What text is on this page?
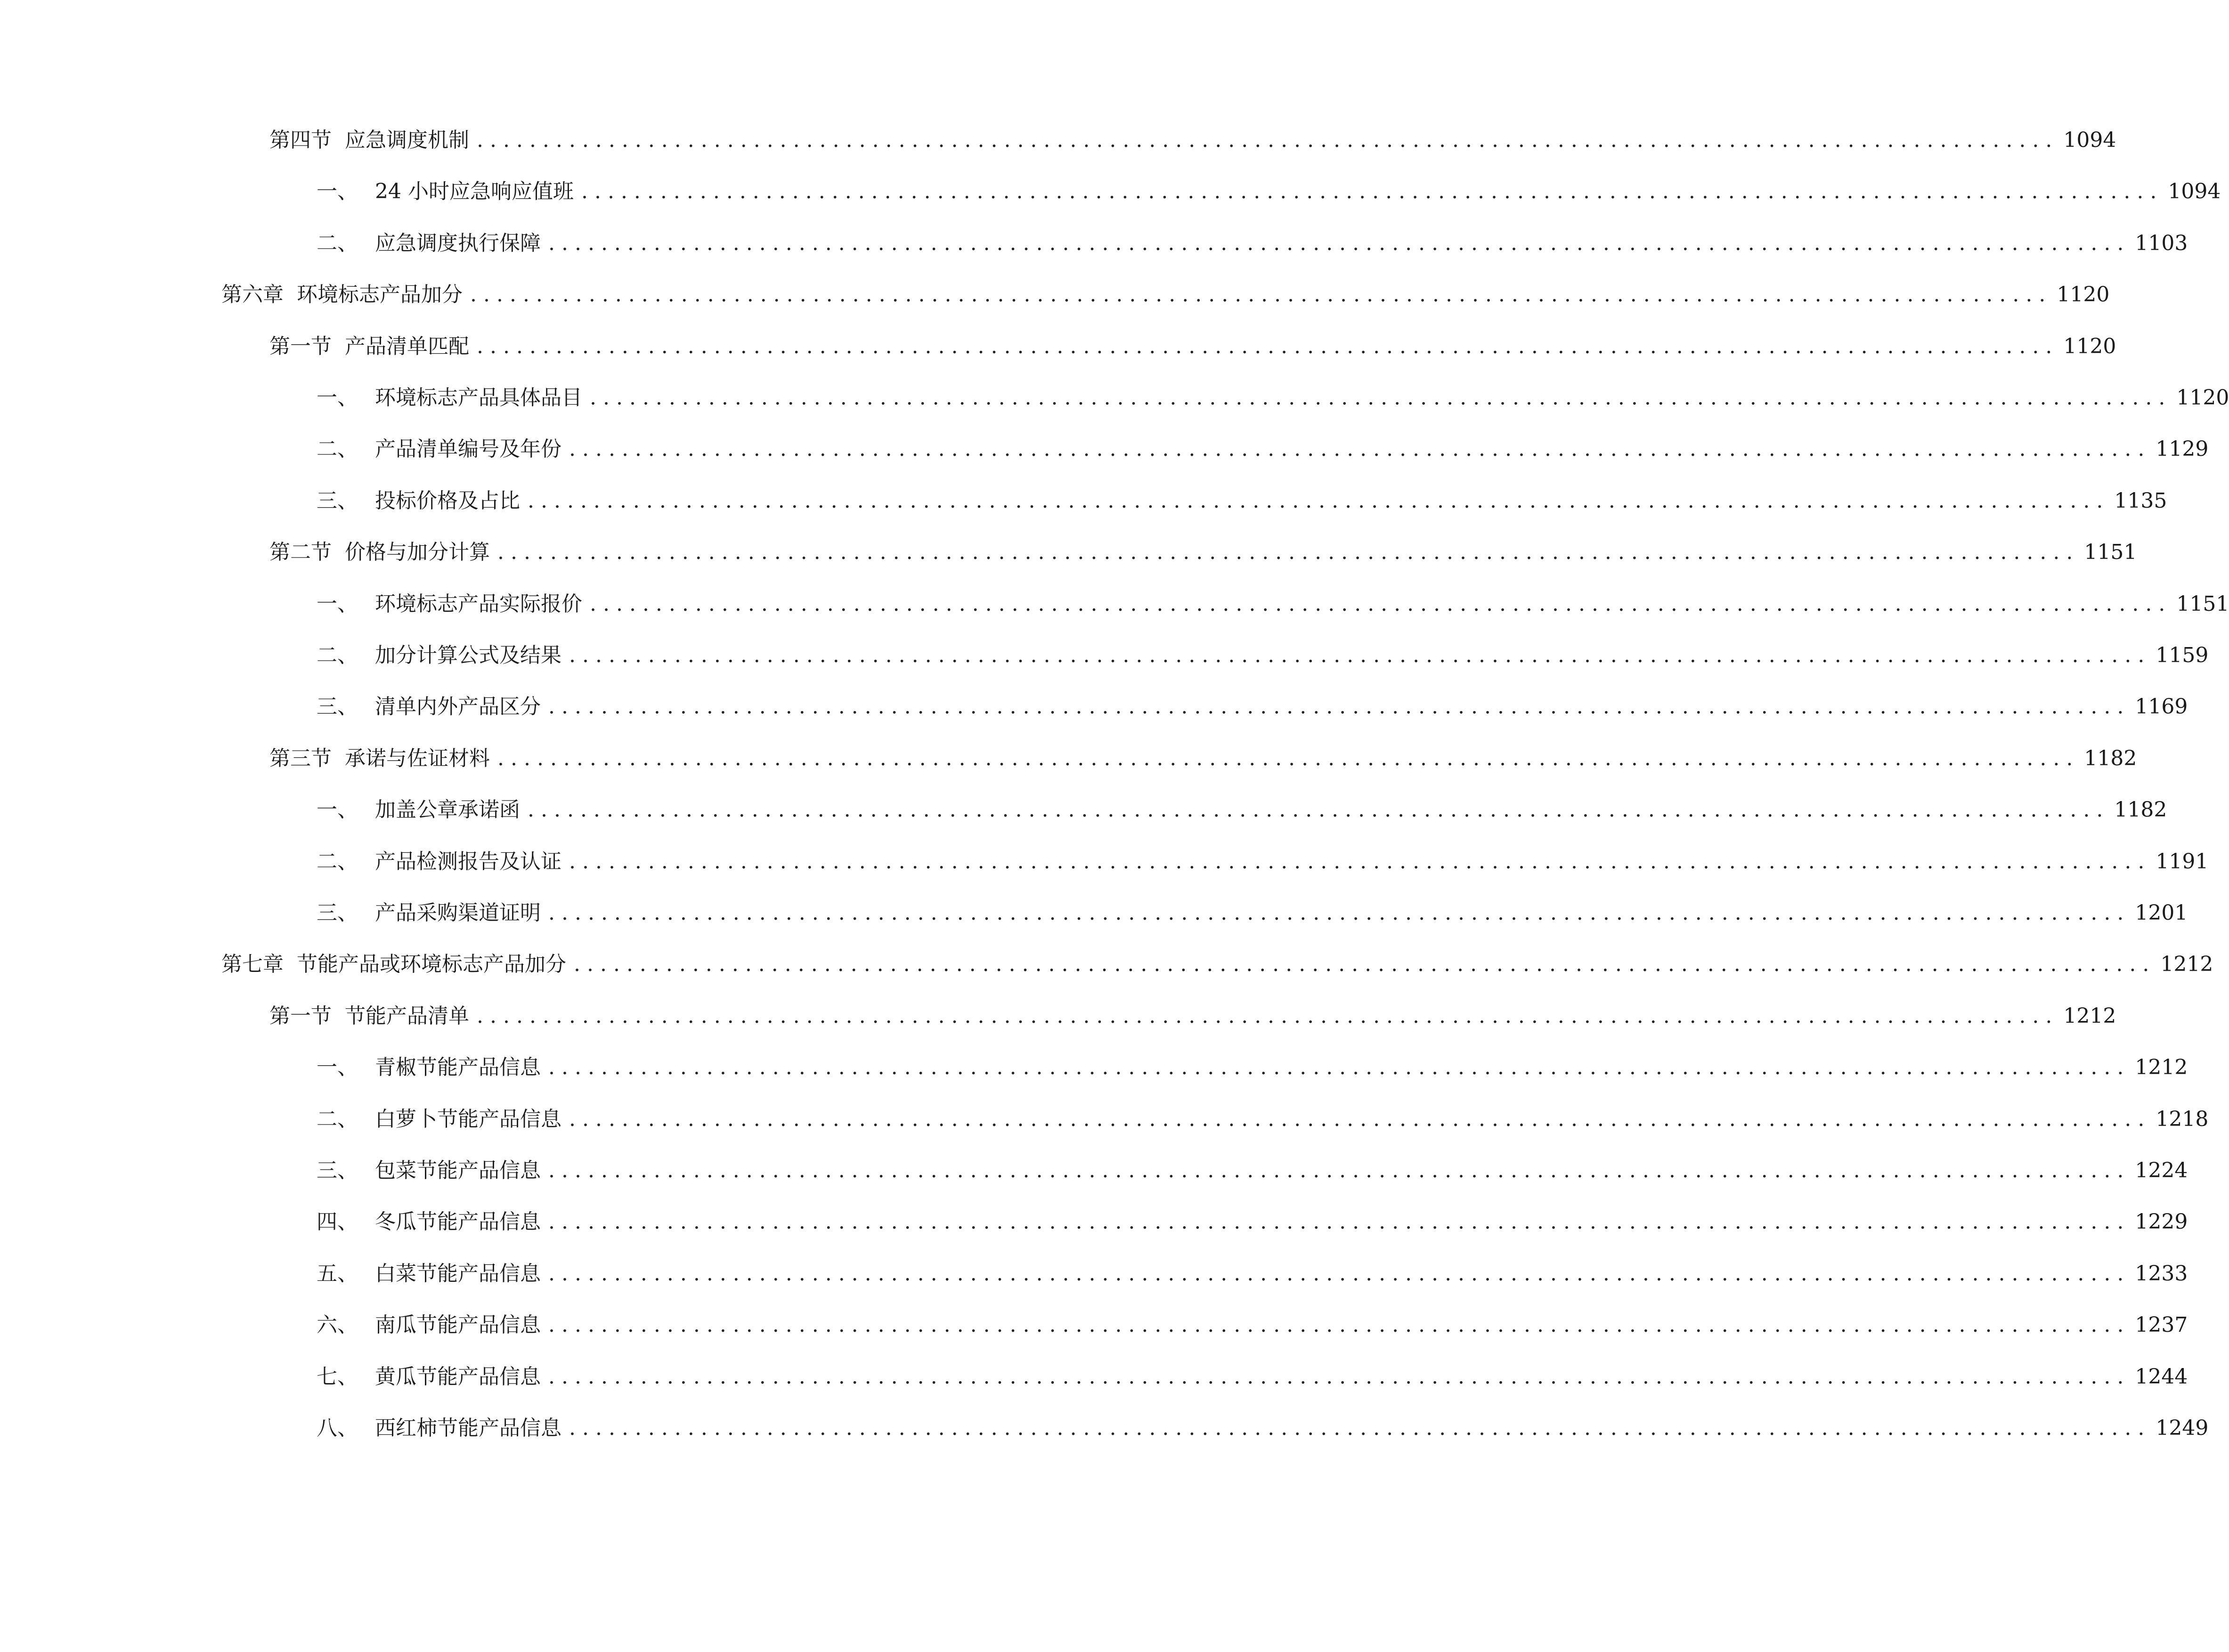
第四节 应急调度机制 ........................................................................................................................ 1094
一、 24 小时应急响应值班 ........................................................................................................................ 1094
二、 应急调度执行保障 ........................................................................................................................ 1103
第六章 环境标志产品加分 ........................................................................................................................ 1120
第一节 产品清单匹配 ........................................................................................................................ 1120
一、 环境标志产品具体品目 ........................................................................................................................ 1120
二、 产品清单编号及年份 ........................................................................................................................ 1129
三、 投标价格及占比 ........................................................................................................................ 1135
第二节 价格与加分计算 ........................................................................................................................ 1151
一、 环境标志产品实际报价 ........................................................................................................................ 1151
二、 加分计算公式及结果 ........................................................................................................................ 1159
三、 清单内外产品区分 ........................................................................................................................ 1169
第三节 承诺与佐证材料 ........................................................................................................................ 1182
一、 加盖公章承诺函 ........................................................................................................................ 1182
二、 产品检测报告及认证 ........................................................................................................................ 1191
三、 产品采购渠道证明 ........................................................................................................................ 1201
第七章 节能产品或环境标志产品加分 ........................................................................................................................ 1212
第一节 节能产品清单 ........................................................................................................................ 1212
一、 青椒节能产品信息 ........................................................................................................................ 1212
二、 白萝卜节能产品信息 ........................................................................................................................ 1218
三、 包菜节能产品信息 ........................................................................................................................ 1224
四、 冬瓜节能产品信息 ........................................................................................................................ 1229
五、 白菜节能产品信息 ........................................................................................................................ 1233
六、 南瓜节能产品信息 ........................................................................................................................ 1237
七、 黄瓜节能产品信息 ........................................................................................................................ 1244
八、 西红柿节能产品信息 ........................................................................................................................ 1249
